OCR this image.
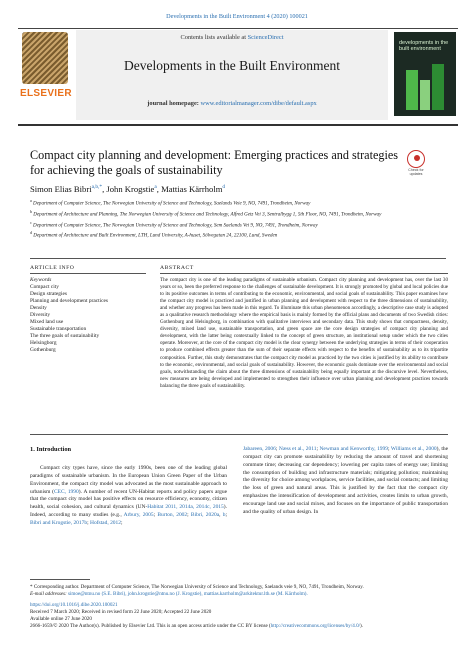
Developments in the Built Environment 4 (2020) 100021
ELSEVIER
Contents lists available at ScienceDirect
Developments in the Built Environment
journal homepage: www.editorialmanager.com/dibe/default.aspx
developments in the built environment
Compact city planning and development: Emerging practices and strategies for achieving the goals of sustainability	Check for updates
Simon Elias Bibri$^{a,b,*}$, John Krogstie$^a$, Mattias Kärrholm$^d$
$^a$ Department of Computer Science, The Norwegian University of Science and Technology, Saelands Veie 9, NO, 7491, Trondheim, Norway
$^b$ Department of Architecture and Planning, The Norwegian University of Science and Technology, Alfred Getz Vei 3, Sentralbygg 1, 5th Floor, NO, 7491, Trondheim, Norway
$^c$ Department of Computer Science, The Norwegian University of Science and Technology, Sem Saelands Vei 9, NO, 7491, Trondheim, Norway
$^d$ Department of Architecture and Built Environment, LTH, Lund University, A-huset, Sölvegatan 24, 22100, Lund, Sweden
ARTICLE INFO	ABSTRACT
Keywords
Compact city
Design strategies
Planning and development practices
Density
Diversity
Mixed land use
Sustainable transportation
The three goals of sustainability
Helsingborg
Gothenburg
The compact city is one of the leading paradigms of sustainable urbanism. Compact city planning and development has, over the last 30 years or so, been the preferred response to the challenges of sustainable development. It is strongly promoted by global and local policies due to its positive outcomes in terms of contributing to the economic, environmental, and social goals of sustainability. This paper examines how the compact city model is practiced and justified in urban planning and development with respect to the three dimensions of sustainability, and whether any progress has been made in this regard. To illuminate this urban phenomenon accordingly, a descriptive case study is adopted as a qualitative research methodology where the empirical basis is mainly formed by the official plans and documents of two Swedish cities: Gothenburg and Helsingborg, in combination with qualitative interviews and secondary data. This study shows that compactness, density, diversity, mixed land use, sustainable transportation, and green space are the core design strategies of compact city planning and development, with the latter being contextually linked to the concept of green structure, an institutional setup under which the two cities operate. Moreover, at the core of the compact city model is the clear synergy between the underlying strategies in terms of their cooperation to produce combined effects greater than the sum of their separate effects with respect to the benefits of sustainability as to its tripartite composition. Further, this study demonstrates that the compact city model as practiced by the two cities is justified by its ability to contribute to the economic, environmental, and social goals of sustainability. However, the economic goals dominate over the environmental and social goals, notwithstanding the claim about the three dimensions of sustainability being equally important at the discursive level. Nevertheless, new measures are being developed and implemented to strengthen their influence over urban planning and development practices towards balancing the three goals of sustainability.
1. Introduction
Compact city types have, since the early 1990s, been one of the leading global paradigms of sustainable urbanism. In the European Union Green Paper of the Urban Environment, the compact city model was advocated as the most sustainable approach to urbanism (CEC, 1990). A number of recent UN-Habitat reports and policy papers argue that the compact city model has positive effects on resource efficiency, economy, citizen health, social cohesion, and cultural dynamics (UN-Habitat 2011, 2014a, 2014c, 2015). Indeed, according to many studies (e.g., Arbury, 2005; Burton, 2002; Bibri, 2020a, b; Bibri and Krogstie, 2017b; Hofstad, 2012;
Jabareen, 2006; Næss et al., 2011; Newman and Kenworthy, 1999; Williams et al., 2000), the compact city can promote sustainability by reducing the amount of travel and shortening commute time; decreasing car dependency; lowering per capita rates of energy use; limiting the consumption of building and infrastructure materials; mitigating pollution; maintaining the diversity for choice among workplaces, service facilities, and social contacts; and limiting the loss of green and natural areas. This is justified by the fact that the compact city emphasizes the intensification of development and activities, creates limits to urban growth, encourage land use and social mixes, and focuses on the importance of public transportation and the quality of urban design. In
* Corresponding author. Department of Computer Science, The Norwegian University of Science and Technology, Saelands veie 9, NO, 7491, Trondheim, Norway.
E-mail addresses: simoe@ntnu.no (S.E. Bibri), john.krogstie@ntnu.no (J. Krogstie), mattias.karrholm@arkitektur.lth.se (M. Kärrholm).
https://doi.org/10.1016/j.dibe.2020.100021
Received 7 March 2020; Received in revised form 22 June 2020; Accepted 22 June 2020
Available online 27 June 2020
2666-1659/© 2020 The Author(s). Published by Elsevier Ltd. This is an open access article under the CC BY license (http://creativecommons.org/licenses/by/4.0/).
